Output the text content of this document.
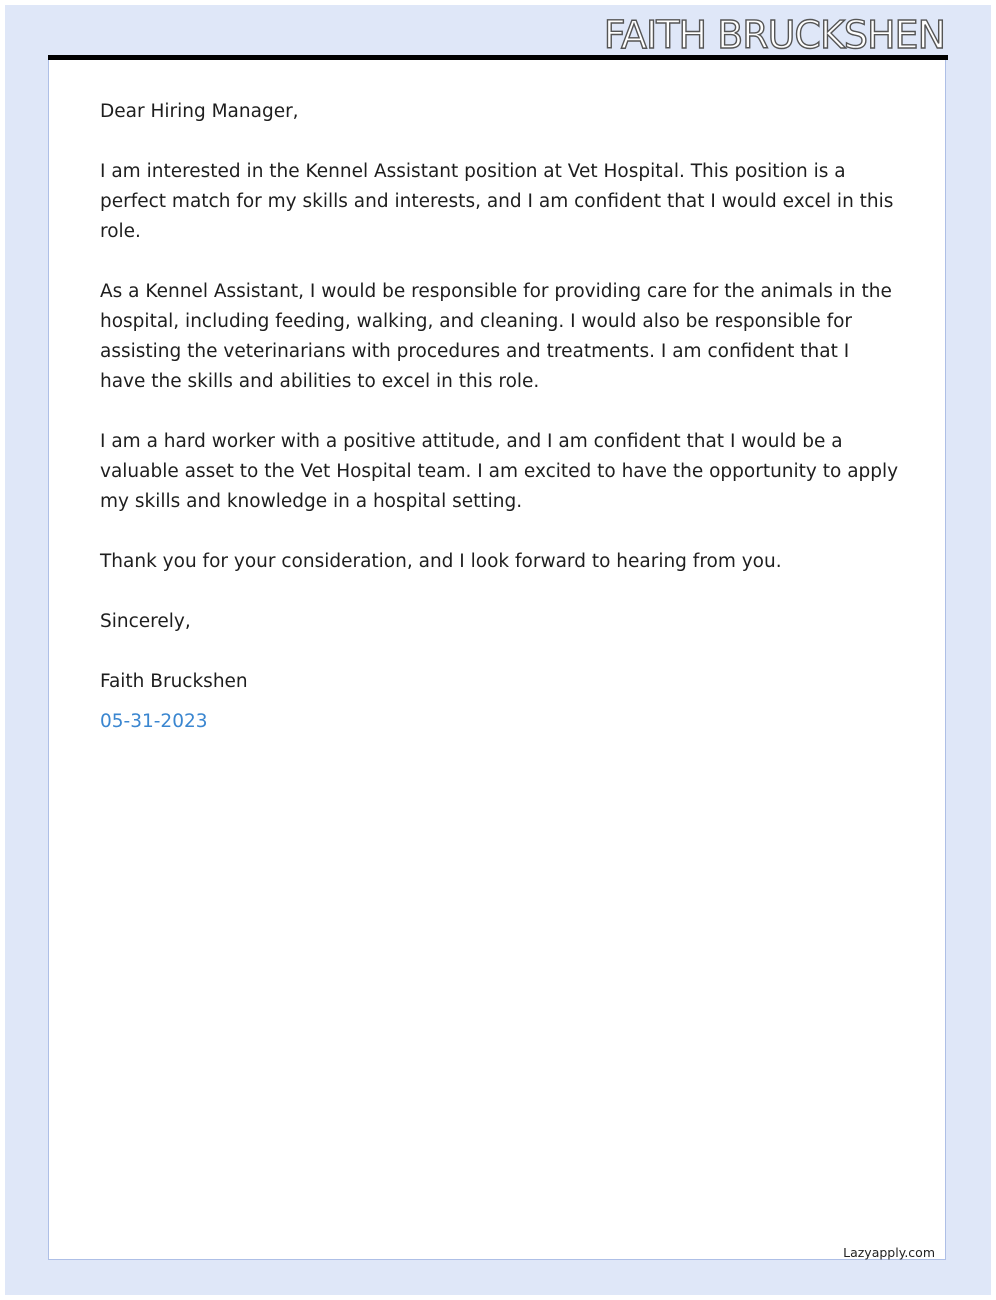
FAITH BRUCKSHEN

Dear Hiring Manager,

I am interested in the Kennel Assistant position at Vet Hospital. This position is a perfect match for my skills and interests, and I am confident that I would excel in this role.

As a Kennel Assistant, I would be responsible for providing care for the animals in the hospital, including feeding, walking, and cleaning. I would also be responsible for assisting the veterinarians with procedures and treatments. I am confident that I have the skills and abilities to excel in this role.

I am a hard worker with a positive attitude, and I am confident that I would be a valuable asset to the Vet Hospital team. I am excited to have the opportunity to apply my skills and knowledge in a hospital setting.

Thank you for your consideration, and I look forward to hearing from you.

Sincerely,

Faith Bruckshen

05-31-2023

Lazyapply.com
